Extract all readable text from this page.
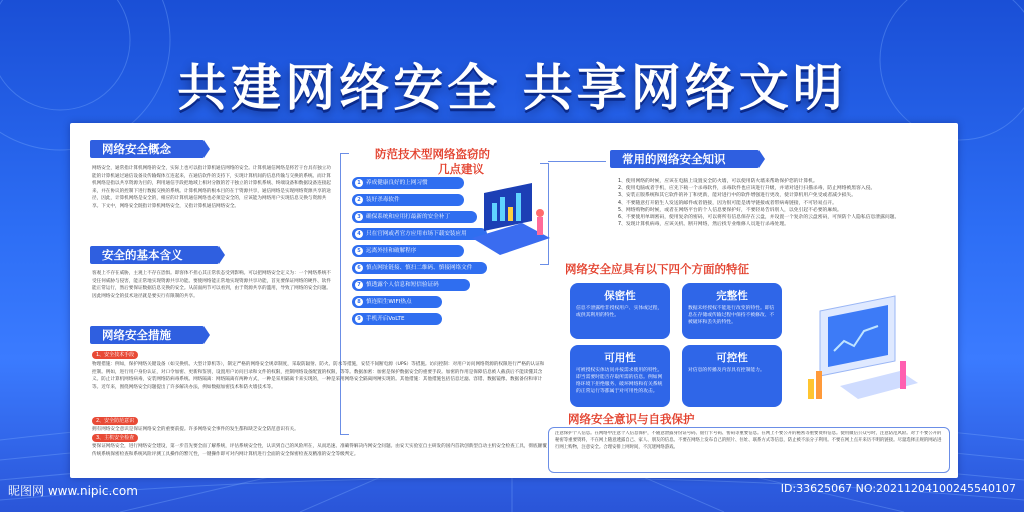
共建网络安全 共享网络文明
网络安全概念
网络安全，通常指计算机网络的安全，实际上也可以指计算机通信网络的安全。计算机通信网络是将若干台具有独立功能的计算机通过通信设备及传输媒体互连起来，在通信软件的支持下，实现计算机间的信息传输与交换的系统。而计算机网络是指以共享资源为目的，利用通信手段把地域上相对分散的若干独立的计算机系统、终端设备和数据设备连接起来，并在协议的控制下进行数据交换的系统。计算机网络的根本目的在于资源共享，通信网络是实现网络资源共享的途径，因此，计算机网络是安全的，相应的计算机通信网络也必须是安全的，应该能为网络用户实现信息交换与资源共享。下文中，网络安全既指计算机网络安全，又指计算机通信网络安全。
安全的基本含义
客观上不存在威胁，主观上不存在恐惧。即客体不担心其正常状态受到影响。可以把网络安全定义为：一个网络系统不受任何威胁与侵害，能正常地实现资源共享功能。要使网络能正常地实现资源共享功能，首先要保证网络的硬件、软件能正常运行，然后要保证数据信息交换的安全。从前面两节可以看到，由于资源共享的滥用，导致了网络的安全问题。因此网络安全的技术途径就是要实行有限制的共享。
网络安全措施
1、安全技术手段
物理措施：例如，保护网络关键设备（如交换机、大型计算机等），制定严格的网络安全规章制度，采取防辐射、防火、防水等措施，安装不间断电源（UPS）等措施。访问控制：对用户访问网络资源的权限进行严格的认证和控制。例如，进行用户身份认证，对口令加密、更新和鉴别，设置用户访问目录和文件的权限，控制网络设备配置的权限，等等。数据加密：加密是保护数据安全的重要手段。加密的作用是保障信息被人截获后不能读懂其含义。防止计算机网络病毒，安装网络防病毒系统。网络隔离：网络隔离有两种方式，一种是采用隔离卡来实现的，一种是采用网络安全隔离网闸实现的。其他措施：其他措施包括信息过滤、容错、数据镜像、数据备份和审计等。近年来，围绕网络安全问题提出了许多解决办法，例如数据加密技术和防火墙技术等。
2、安全防范意识
拥有网络安全意识是保证网络安全的重要前提。许多网络安全事件的发生都和缺乏安全防范意识有关。
3、主机安全检查
要保证网络安全，进行网络安全建设，第一步首先要全面了解系统，评估系统安全性，认识到自己的风险所在，从而迅速、准确得解决内网安全问题。由安天实验室自主研发的国内首款创新型自动主机安全检查工具，彻底颠覆传统系统保密检查和系统风险评测工具操作的繁冗性，一键操作即可对内网计算机进行全面的安全保密检查及精准的安全等级判定。
防范技术型网络盗窃的
几点建议
1 养成健康良好的上网习惯
2 装好杀毒软件
3 确保系统和应用打最新的安全补丁
4 只在官网或者官方应用市场下载安装应用
5 远离外挂和破解程序
6 慎点网址链接、慎扫二维码、慎接网络文件
7 慎透露个人信息和短信验证码
8 慎连陌生WIFI热点
9 手机开启VoLTE
常用的网络安全知识
1、使用网络的时候，应该在电脑上设置安全防火墙，可以使用防火墙来帮助保护您的计算机。
2、使用电脑或者手机，应先下载一个杀毒软件，杀毒软件也应该进行升级，并请对进行扫描杀毒，防止网络被黑客入侵。
3、安装正版系统和其它软件的补丁和更新，能对进行中的软件增强进行更改，使计算机用户免受或者减少损失。
4、不要随意打开陌生人发送的邮件或者链接，因为很可能是诱导链接或者带病毒链接，不可轻易点开。
5、网络购物的时候，或者在网络平台的个人信息要保护好，不要轻易告诉别人，以免引起不必要的麻烦。
6、不要使用单调密码，使用复杂的密码，可以将所有信息保存在云盘，并设置一个复杂的云盘密码，可预防个人隐私信息泄露问题。
7、发现计算机病毒，应该关机、断开网络，然后找专业维修人员进行杀毒处理。
网络安全应具有以下四个方面的特征
保密性
信息不泄露给非授权用户、实体或过程，或供其利用的特性。
完整性
数据未经授权不能进行改变的特性。即信息在存储或传输过程中保持不被修改、不被破坏和丢失的特性。
可用性
可被授权实体访问并按需求使用的特性。即当需要时能否存取所需的信息。例如网络环境下拒绝服务、破坏网络和有关系统的正常运行等都属于对可用性的攻击。
可控性
对信息的传播及内容具有控制能力。
网络安全意识与自我保护
注意保护个人信息。在网络中注意个人信息保护，不随意泄露身份证号码、银行卡号码、密码等重要信息。在网上不要公开的秘密等重要资料信息。使用微信公众号时，注意防范风险。对于不要公开的秘密等重要资料，不在网上随意透露自己、家人、朋友的信息。不要在网络上发布自己的照片、住址、联系方式等信息，防止被不法分子利用。不要在网上点开来历不明的链接。尽量选择正规的网站进行网上购物，注意安全。合理安排上网时间，不沉迷网络游戏。
昵图网 www.nipic.com	ID:33625067 NO:20211204100245540107
